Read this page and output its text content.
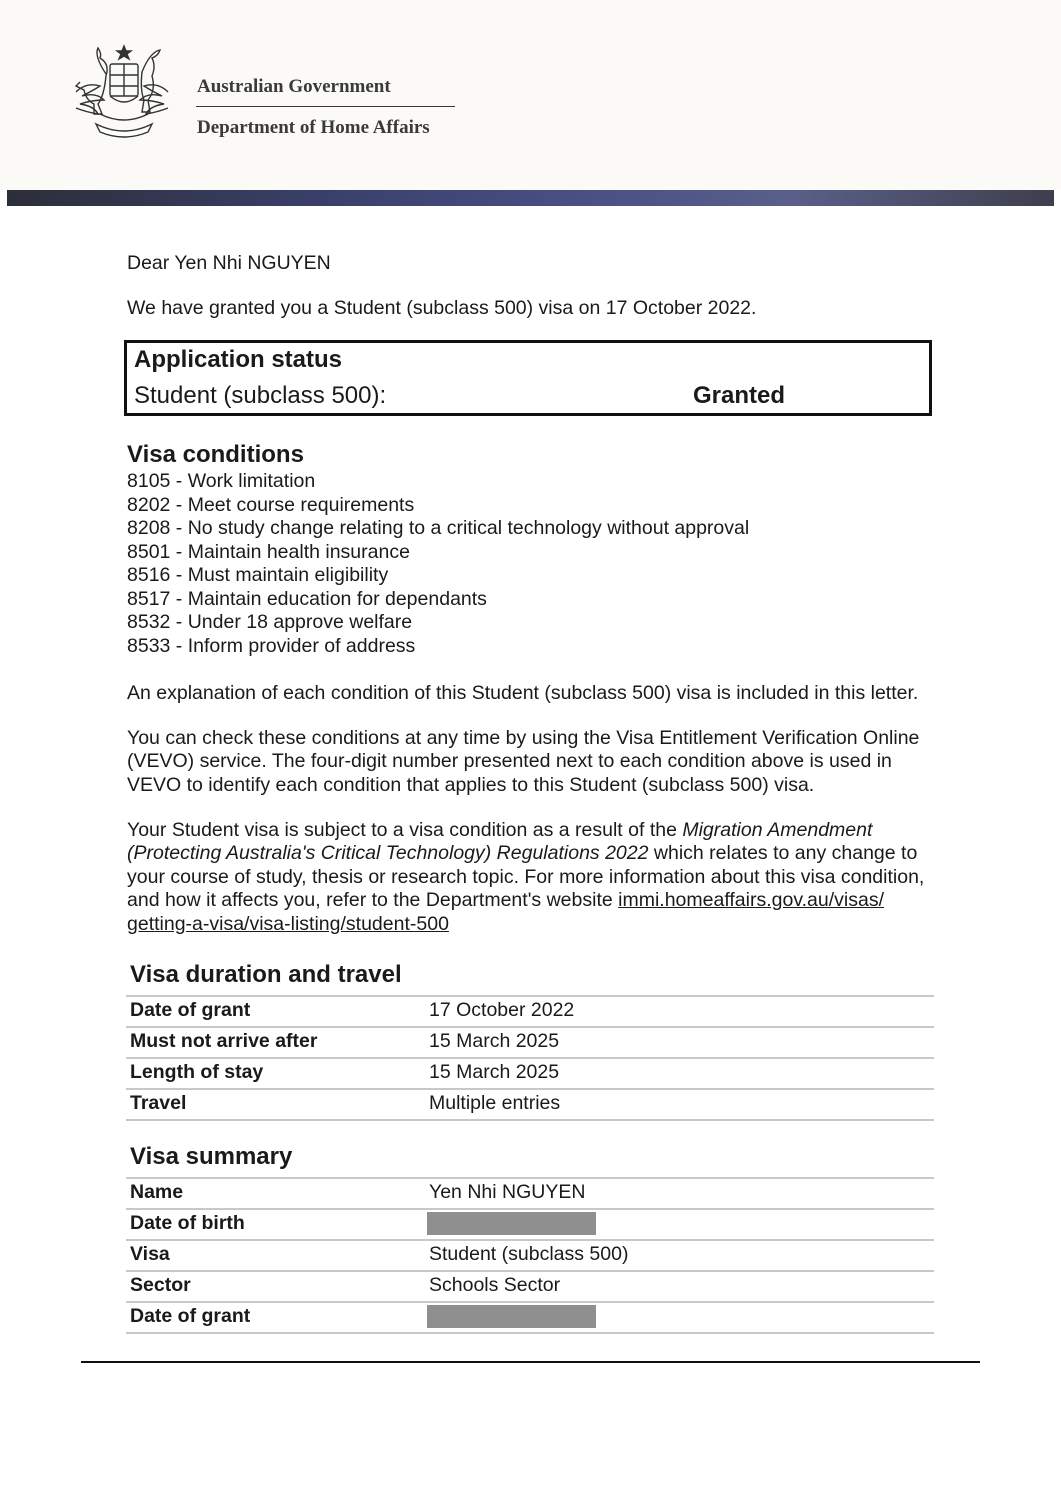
Australian Government
Department of Home Affairs

Dear Yen Nhi NGUYEN

We have granted you a Student (subclass 500) visa on 17 October 2022.

Application status
Student (subclass 500):	Granted
Visa conditions
8105 - Work limitation
8202 - Meet course requirements
8208 - No study change relating to a critical technology without approval
8501 - Maintain health insurance
8516 - Must maintain eligibility
8517 - Maintain education for dependants
8532 - Under 18 approve welfare
8533 - Inform provider of address

An explanation of each condition of this Student (subclass 500) visa is included in this letter.

You can check these conditions at any time by using the Visa Entitlement Verification Online (VEVO) service. The four-digit number presented next to each condition above is used in VEVO to identify each condition that applies to this Student (subclass 500) visa.

Your Student visa is subject to a visa condition as a result of the Migration Amendment (Protecting Australia's Critical Technology) Regulations 2022 which relates to any change to your course of study, thesis or research topic. For more information about this visa condition, and how it affects you, refer to the Department's website immi.homeaffairs.gov.au/visas/ getting-a-visa/visa-listing/student-500

Visa duration and travel
Date of grant	17 October 2022
Must not arrive after	15 March 2025
Length of stay	15 March 2025
Travel	Multiple entries
Visa summary
Name	Yen Nhi NGUYEN
Date of birth
Visa	Student (subclass 500)
Sector	Schools Sector
Date of grant
